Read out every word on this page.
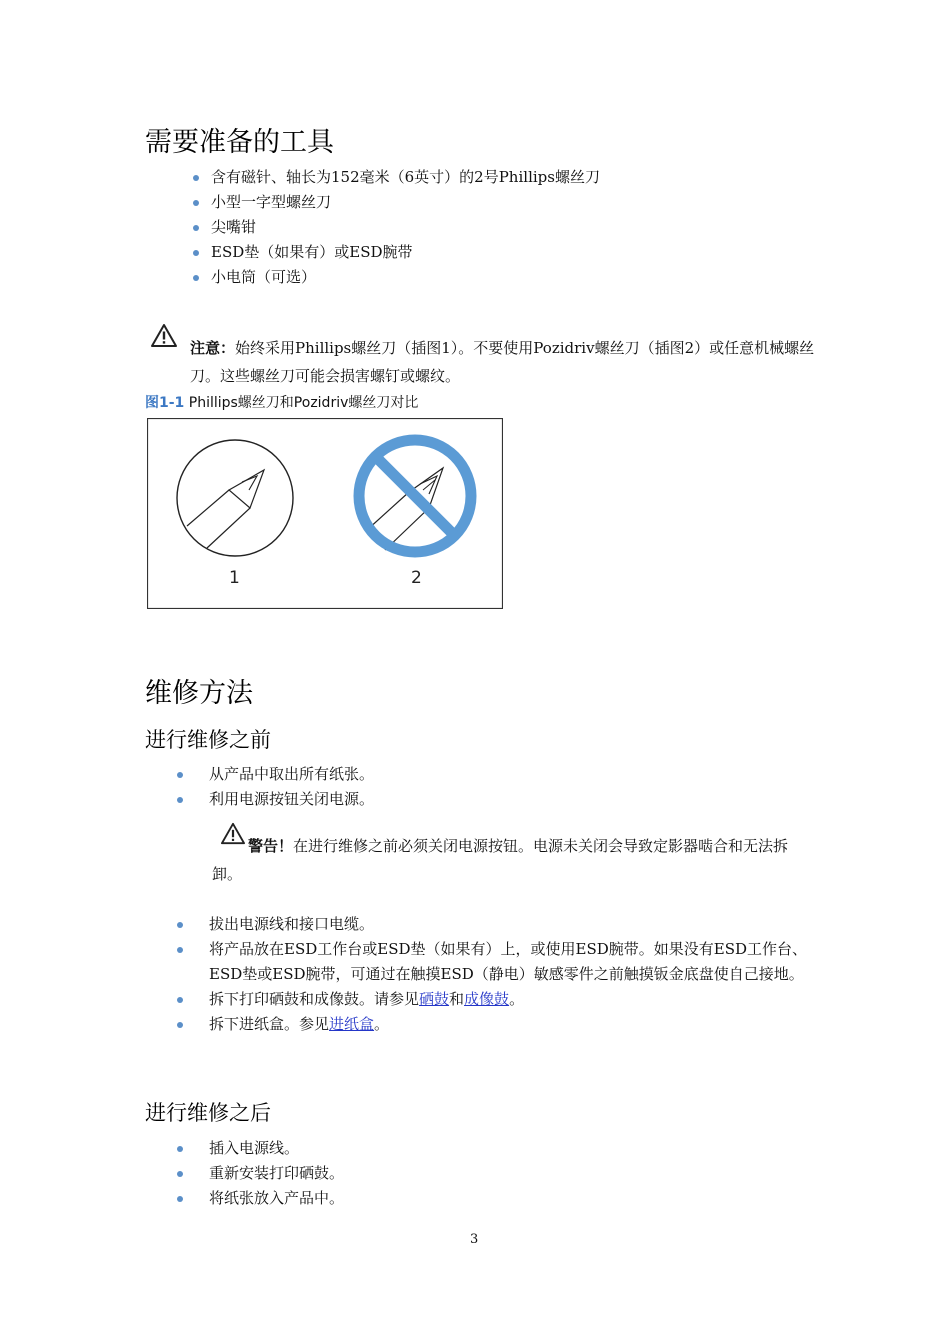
需要准备的工具
含有磁针、轴长为152毫米（6英寸）的2号Phillips螺丝刀
小型一字型螺丝刀
尖嘴钳
ESD垫（如果有）或ESD腕带
小电筒（可选）
注意：始终采用Phillips螺丝刀（插图1）。不要使用Pozidriv螺丝刀（插图2）或任意机械螺丝刀。这些螺丝刀可能会损害螺钉或螺纹。
图1-1 Phillips螺丝刀和Pozidriv螺丝刀对比
1	2
维修方法
进行维修之前
从产品中取出所有纸张。
利用电源按钮关闭电源。
警告！在进行维修之前必须关闭电源按钮。电源未关闭会导致定影器啮合和无法拆卸。
拔出电源线和接口电缆。
将产品放在ESD工作台或ESD垫（如果有）上，或使用ESD腕带。如果没有ESD工作台、ESD垫或ESD腕带，可通过在触摸ESD（静电）敏感零件之前触摸钣金底盘使自己接地。
拆下打印硒鼓和成像鼓。请参见硒鼓和成像鼓。
拆下进纸盒。参见进纸盒。
进行维修之后
插入电源线。
重新安装打印硒鼓。
将纸张放入产品中。
3
